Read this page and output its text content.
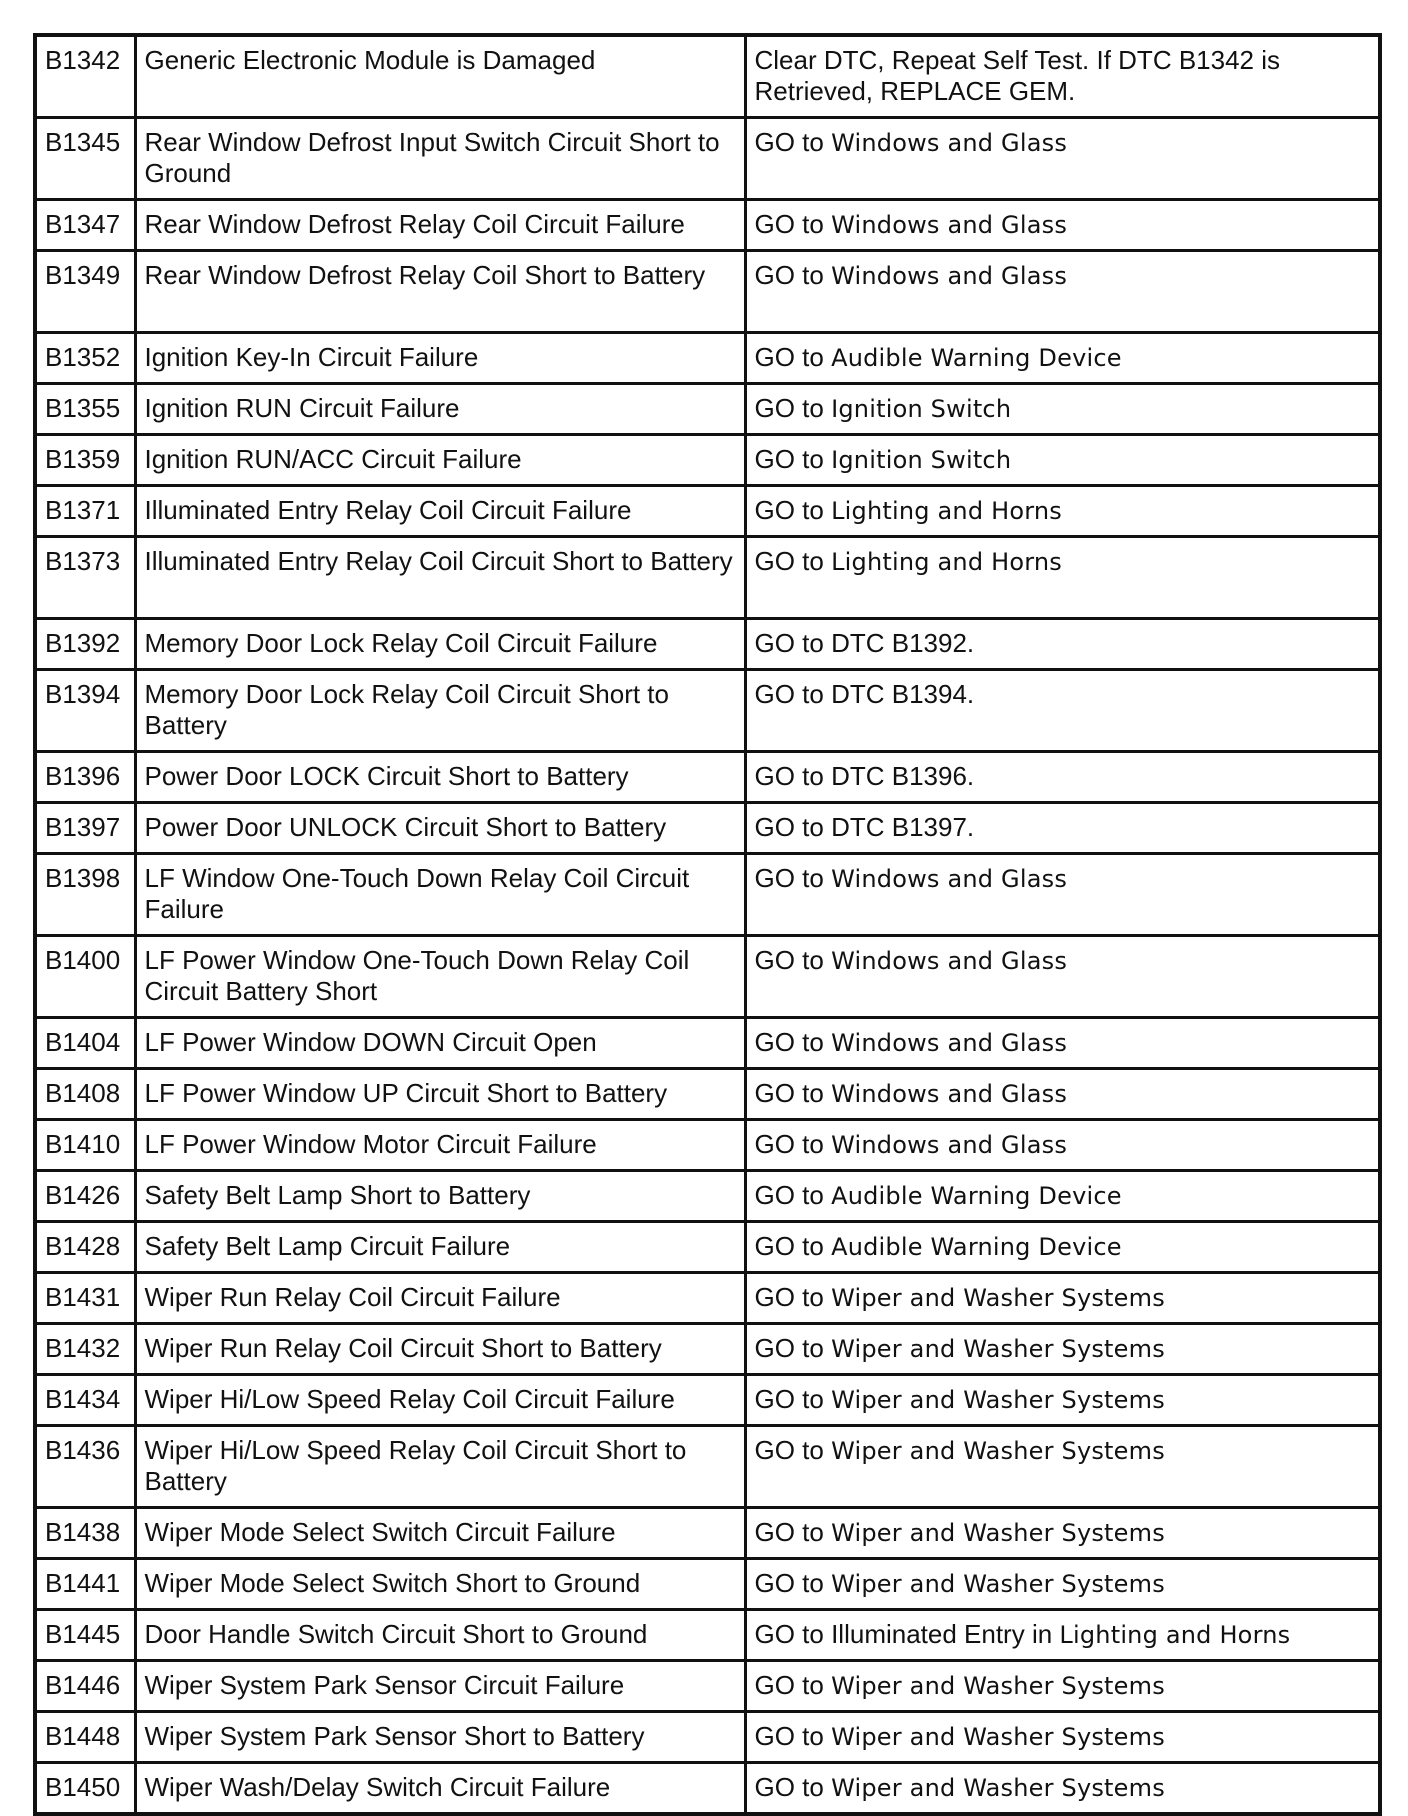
B1342	Generic Electronic Module is Damaged	Clear DTC, Repeat Self Test. If DTC B1342 is Retrieved, REPLACE GEM.
B1345	Rear Window Defrost Input Switch Circuit Short to Ground	GO to Windows and Glass
B1347	Rear Window Defrost Relay Coil Circuit Failure	GO to Windows and Glass
B1349	Rear Window Defrost Relay Coil Short to Battery	GO to Windows and Glass
B1352	Ignition Key-In Circuit Failure	GO to Audible Warning Device
B1355	Ignition RUN Circuit Failure	GO to Ignition Switch
B1359	Ignition RUN/ACC Circuit Failure	GO to Ignition Switch
B1371	Illuminated Entry Relay Coil Circuit Failure	GO to Lighting and Horns
B1373	Illuminated Entry Relay Coil Circuit Short to Battery	GO to Lighting and Horns
B1392	Memory Door Lock Relay Coil Circuit Failure	GO to DTC B1392.
B1394	Memory Door Lock Relay Coil Circuit Short to Battery	GO to DTC B1394.
B1396	Power Door LOCK Circuit Short to Battery	GO to DTC B1396.
B1397	Power Door UNLOCK Circuit Short to Battery	GO to DTC B1397.
B1398	LF Window One-Touch Down Relay Coil Circuit Failure	GO to Windows and Glass
B1400	LF Power Window One-Touch Down Relay Coil Circuit Battery Short	GO to Windows and Glass
B1404	LF Power Window DOWN Circuit Open	GO to Windows and Glass
B1408	LF Power Window UP Circuit Short to Battery	GO to Windows and Glass
B1410	LF Power Window Motor Circuit Failure	GO to Windows and Glass
B1426	Safety Belt Lamp Short to Battery	GO to Audible Warning Device
B1428	Safety Belt Lamp Circuit Failure	GO to Audible Warning Device
B1431	Wiper Run Relay Coil Circuit Failure	GO to Wiper and Washer Systems
B1432	Wiper Run Relay Coil Circuit Short to Battery	GO to Wiper and Washer Systems
B1434	Wiper Hi/Low Speed Relay Coil Circuit Failure	GO to Wiper and Washer Systems
B1436	Wiper Hi/Low Speed Relay Coil Circuit Short to Battery	GO to Wiper and Washer Systems
B1438	Wiper Mode Select Switch Circuit Failure	GO to Wiper and Washer Systems
B1441	Wiper Mode Select Switch Short to Ground	GO to Wiper and Washer Systems
B1445	Door Handle Switch Circuit Short to Ground	GO to Illuminated Entry in Lighting and Horns
B1446	Wiper System Park Sensor Circuit Failure	GO to Wiper and Washer Systems
B1448	Wiper System Park Sensor Short to Battery	GO to Wiper and Washer Systems
B1450	Wiper Wash/Delay Switch Circuit Failure	GO to Wiper and Washer Systems
